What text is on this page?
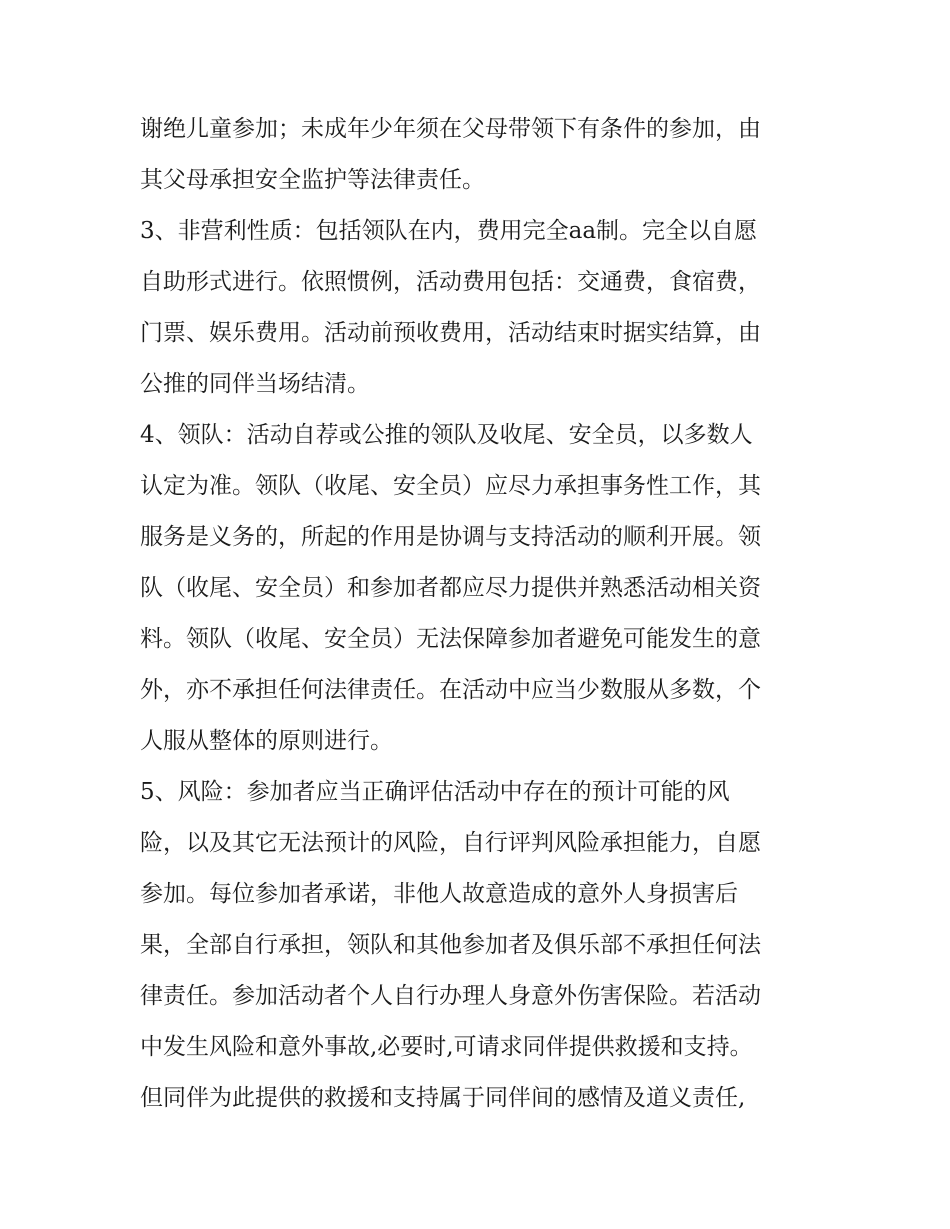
谢绝儿童参加；未成年少年须在父母带领下有条件的参加，由
其父母承担安全监护等法律责任。
3、非营利性质：包括领队在内，费用完全aa制。完全以自愿
自助形式进行。依照惯例，活动费用包括：交通费，食宿费，
门票、娱乐费用。活动前预收费用，活动结束时据实结算，由
公推的同伴当场结清。
4、领队：活动自荐或公推的领队及收尾、安全员，以多数人
认定为准。领队（收尾、安全员）应尽力承担事务性工作，其
服务是义务的，所起的作用是协调与支持活动的顺利开展。领
队（收尾、安全员）和参加者都应尽力提供并熟悉活动相关资
料。领队（收尾、安全员）无法保障参加者避免可能发生的意
外，亦不承担任何法律责任。在活动中应当少数服从多数，个
人服从整体的原则进行。
5、风险：参加者应当正确评估活动中存在的预计可能的风
险，以及其它无法预计的风险，自行评判风险承担能力，自愿
参加。每位参加者承诺，非他人故意造成的意外人身损害后
果，全部自行承担，领队和其他参加者及俱乐部不承担任何法
律责任。参加活动者个人自行办理人身意外伤害保险。若活动
中发生风险和意外事故,必要时,可请求同伴提供救援和支持。
但同伴为此提供的救援和支持属于同伴间的感情及道义责任,
